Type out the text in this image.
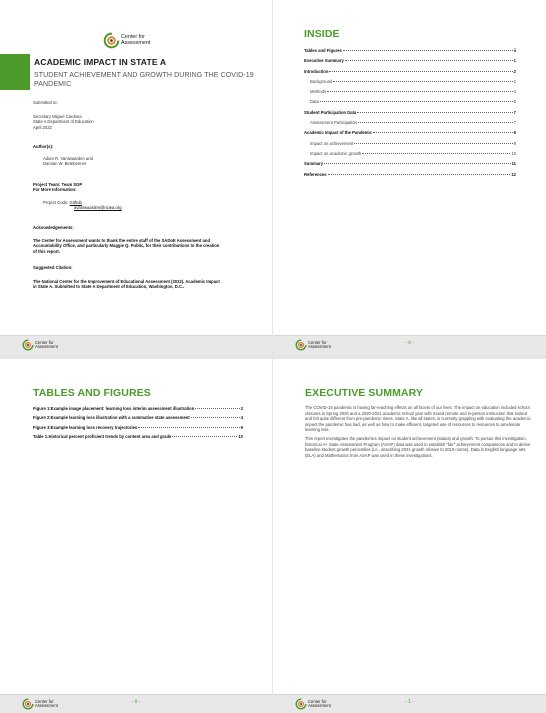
Center for
Assessment
ACADEMIC IMPACT IN STATE A
STUDENT ACHIEVEMENT AND GROWTH DURING THE COVID-19 PANDEMIC
Submitted to:
Secretary Miguel Cardona
State A Department of Education
April 2022
Author(s):
Adam R. VanIwaarden and
Damian W. Betebenner
Project Team: Team SGP
For More Information:
Project Code: Github
avaniwaarden@nciea.org
Acknowledgements:
The Center for Assessment wants to thank the entire staff of the SADoE Assessment and Accountability Office, and particularly Maggie Q. Public, for their contributions to the creation of this report.
Suggested Citation:
The National Center for the Improvement of Educational Assessment (2022). Academic Impact in State A. Submitted to State A Department of Education, Washington, D.C..
Center for
Assessment
INSIDE
Tables and Figures	ii
Executive Summary	1
Introduction	2
Background	2
Methods	4
Data	5
Student Participation Data	7
Assessment Participation	7
Academic Impact of the Pandemic	9
Impact on achievement	9
Impact on academic growth	10
Summary	11
References	12
Center for
Assessment
- ii -
TABLES AND FIGURES
Center for
Assessment
- ii -
Figure 1:Example image placement: learning loss interim assessment illustration	3
Figure 2:Example learning loss illustration with a summative state assessment	4
Figure 3:Example learning loss recovery trajectories	9
Table 1:Historical percent proficient trends by content area and grade	10
EXECUTIVE SUMMARY
Center for
Assessment
- 1 -

The COVID-19 pandemic is having far-reaching effects on all facets of our lives. The impact on education included school closures in Spring 2020 and a 2020-2021 academic school year with mixed remote and in-person instruction that looked and felt quite different from pre-pandemic times. State A, like all states, is currently grappling with evaluating the academic impact the pandemic has had, as well as how to make efficient, targeted use of resources to resources to ameliorate learning loss.

This report investigates the pandemics impact on student achievement (status) and growth. To pursue this investigation, historical A+ State Assessment Program (ASAP) data was used to establish "fair" achievement comparisons and to derive baseline student growth percentiles (i.e., describing 2021 growth relative to 2019 norms). Data in English language arts (ELA) and Mathematics from ASAP was used in these investigations.
